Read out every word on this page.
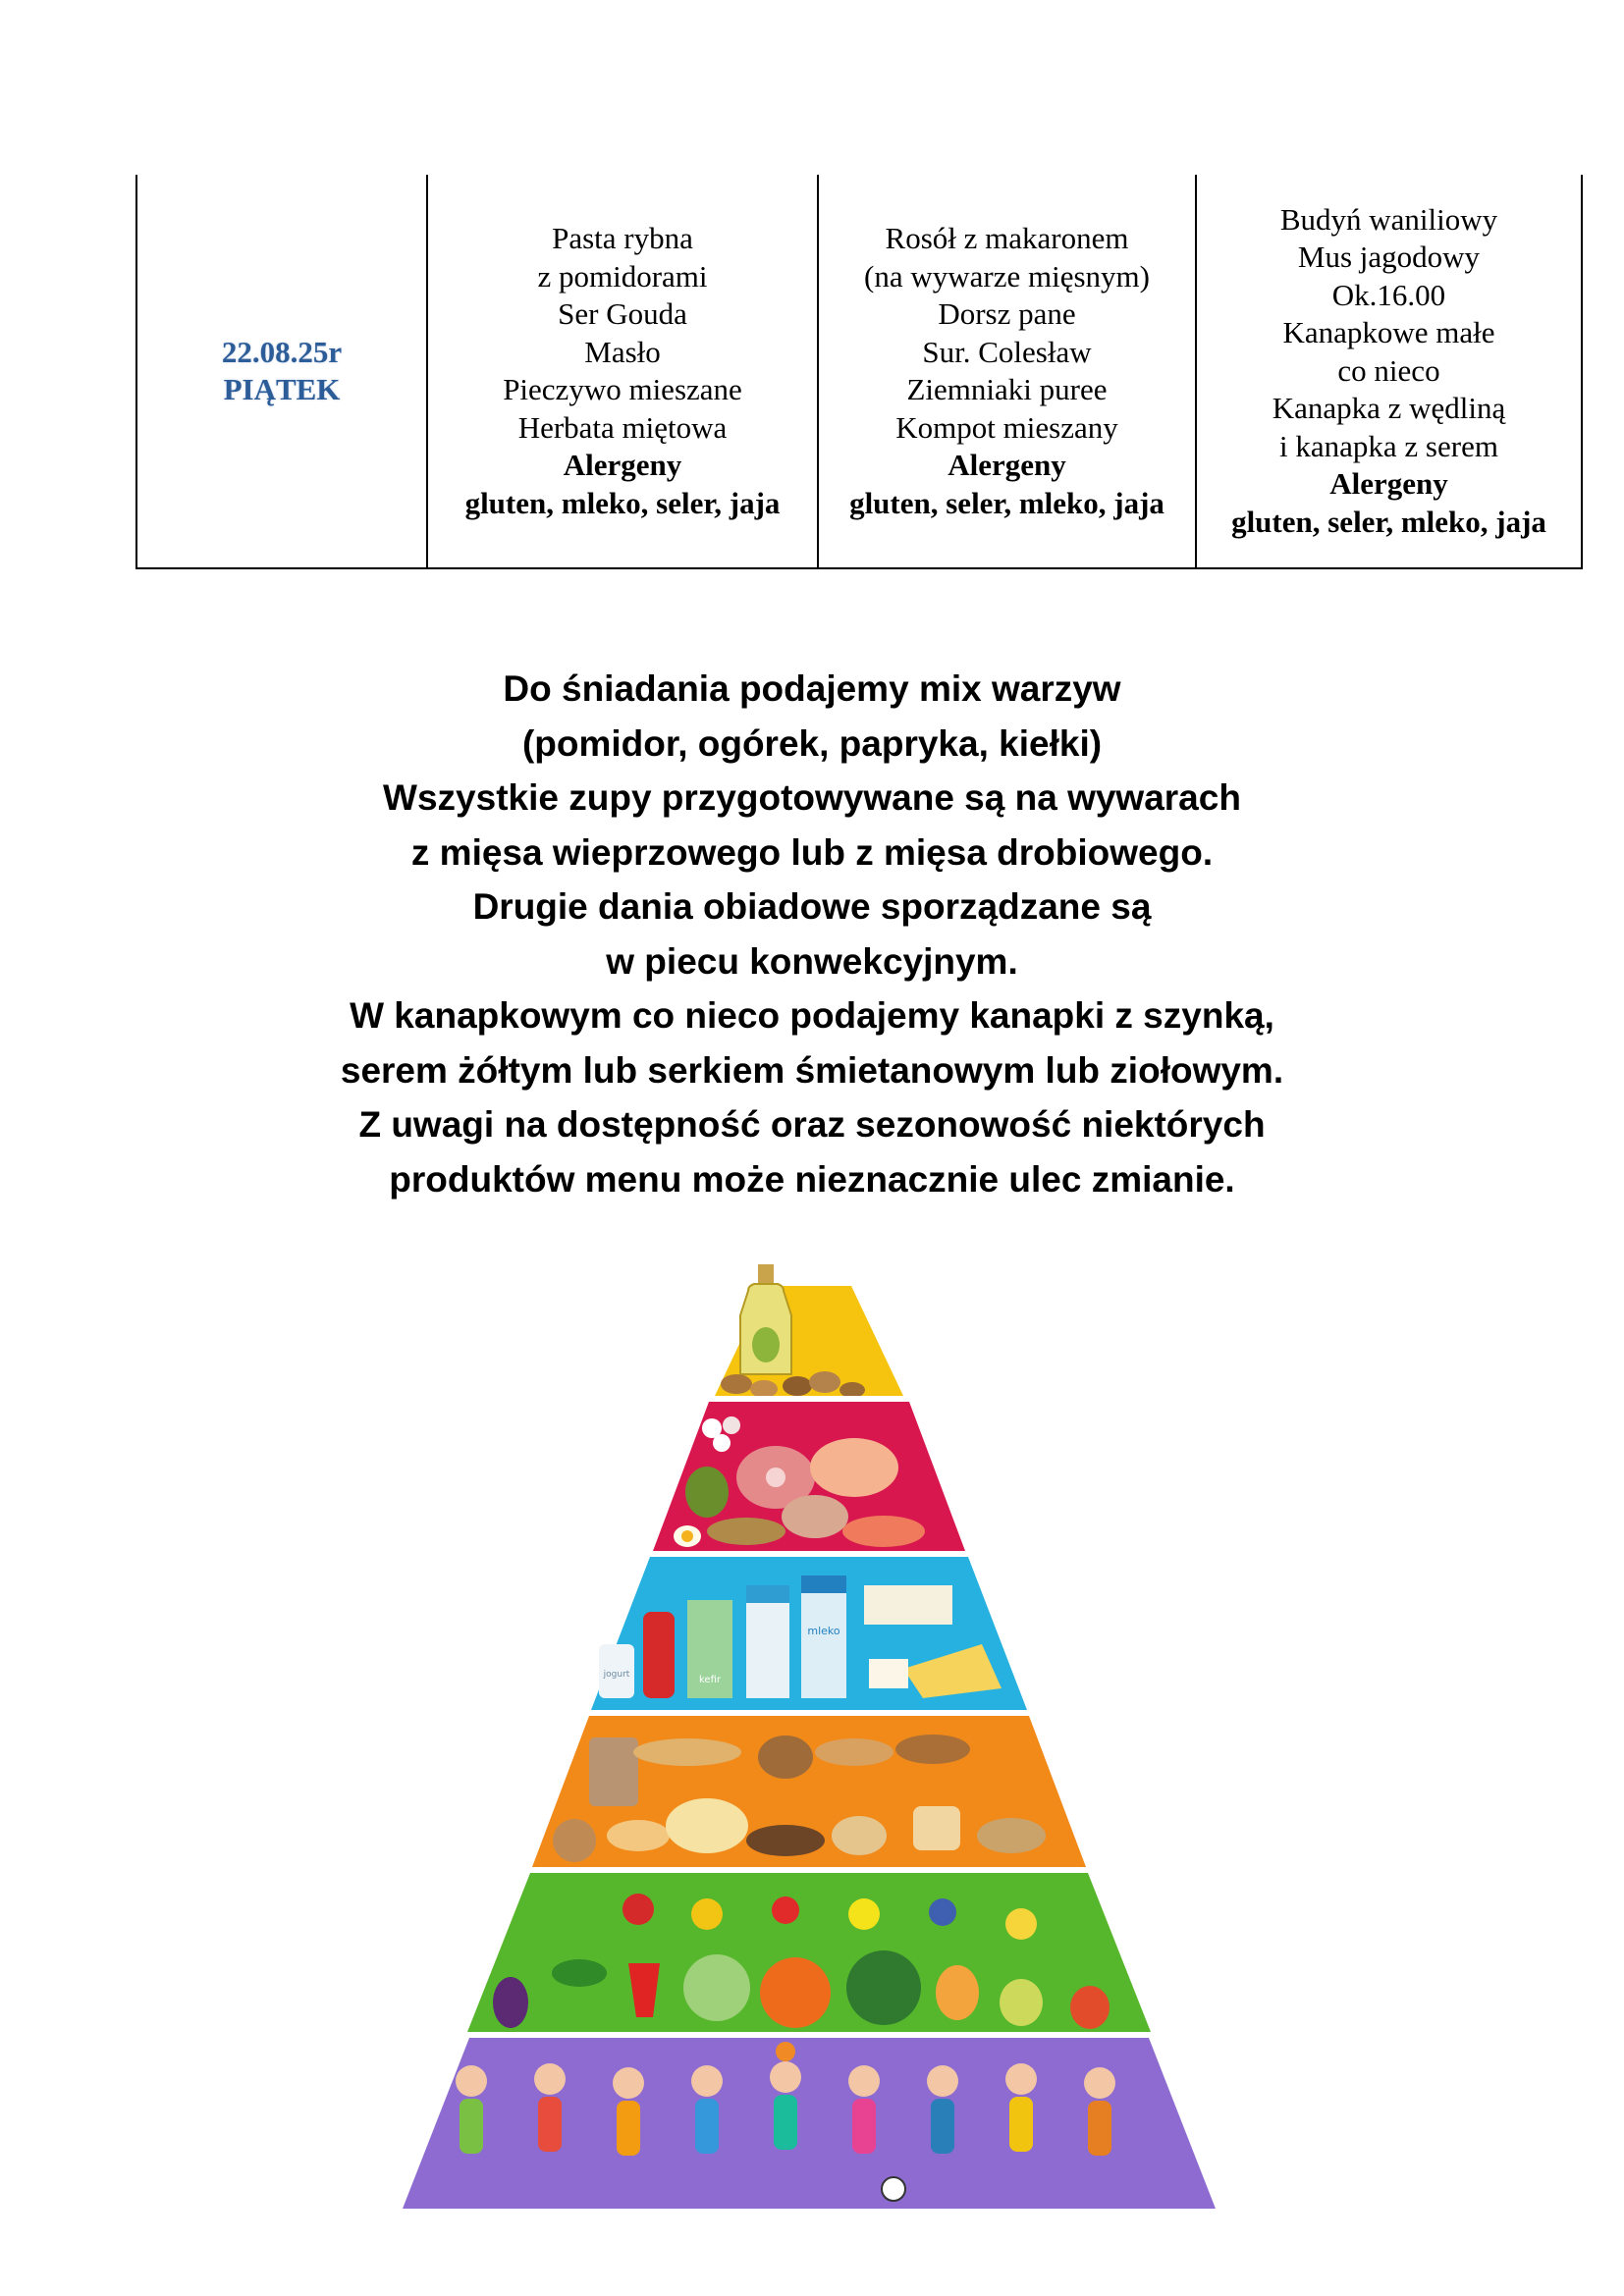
22.08.25r
PIĄTEK

Pasta rybna
z pomidorami
Ser Gouda
Masło
Pieczywo mieszane
Herbata miętowa
Alergeny
gluten, mleko, seler, jaja

Rosół z makaronem
(na wywarze mięsnym)
Dorsz pane
Sur. Colesław
Ziemniaki puree
Kompot mieszany
Alergeny
gluten, seler, mleko, jaja

Budyń waniliowy
Mus jagodowy
Ok.16.00
Kanapkowe małe
co nieco
Kanapka z wędliną
i kanapka z serem
Alergeny
gluten, seler, mleko, jaja
Do śniadania podajemy mix warzyw
(pomidor, ogórek, papryka, kiełki)
Wszystkie zupy przygotowywane są na wywarach
z mięsa wieprzowego lub z mięsa drobiowego.
Drugie dania obiadowe sporządzane są
w piecu konwekcyjnym.
W kanapkowym co nieco podajemy kanapki z szynką,
serem żółtym lub serkiem śmietanowym lub ziołowym.
Z uwagi na dostępność oraz sezonowość niektórych
produktów menu może nieznacznie ulec zmianie.
jogurt	kefir
mleko
